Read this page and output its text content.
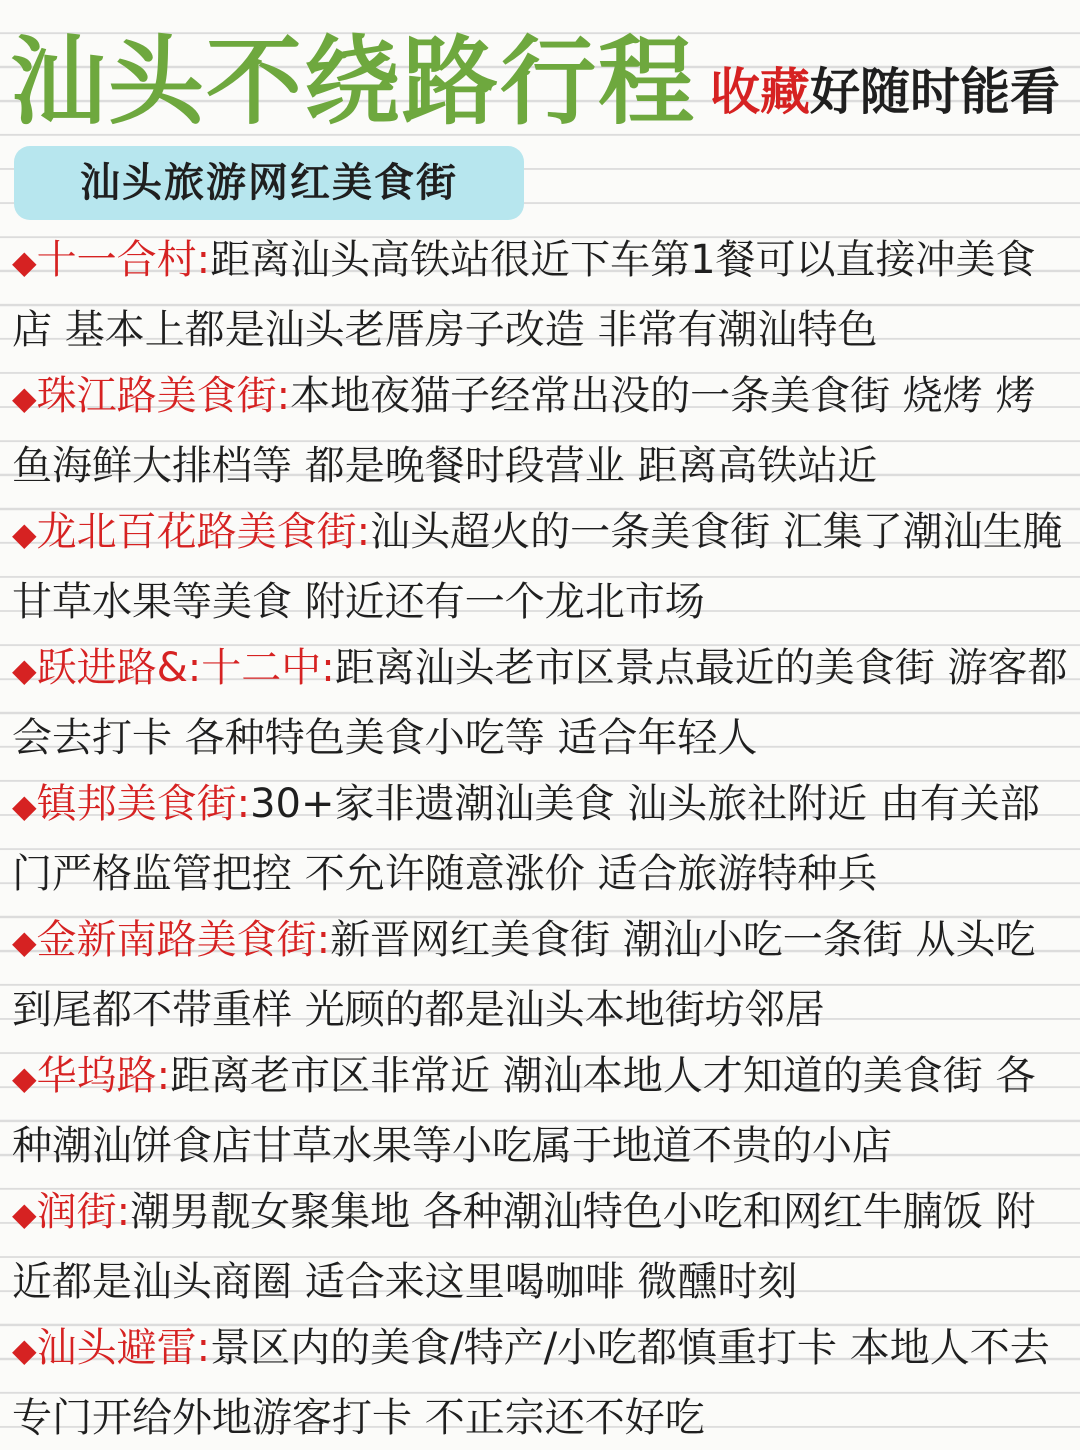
汕头不绕路行程 收藏好随时能看
汕头旅游网红美食街
◆十一合村:距离汕头高铁站很近下车第1餐可以直接冲美食店 基本上都是汕头老厝房子改造 非常有潮汕特色
◆珠江路美食街:本地夜猫子经常出没的一条美食街 烧烤 烤鱼海鲜大排档等 都是晚餐时段营业 距离高铁站近
◆龙北百花路美食街:汕头超火的一条美食街 汇集了潮汕生腌甘草水果等美食 附近还有一个龙北市场
◆跃进路&:十二中:距离汕头老市区景点最近的美食街 游客都会去打卡 各种特色美食小吃等 适合年轻人
◆镇邦美食街:30+家非遗潮汕美食 汕头旅社附近 由有关部门严格监管把控 不允许随意涨价 适合旅游特种兵
◆金新南路美食街:新晋网红美食街 潮汕小吃一条街 从头吃到尾都不带重样 光顾的都是汕头本地街坊邻居
◆华坞路:距离老市区非常近 潮汕本地人才知道的美食街 各种潮汕饼食店甘草水果等小吃属于地道不贵的小店
◆润街:潮男靓女聚集地 各种潮汕特色小吃和网红牛腩饭 附近都是汕头商圈 适合来这里喝咖啡 微醺时刻
◆汕头避雷:景区内的美食/特产/小吃都慎重打卡 本地人不去 专门开给外地游客打卡 不正宗还不好吃
